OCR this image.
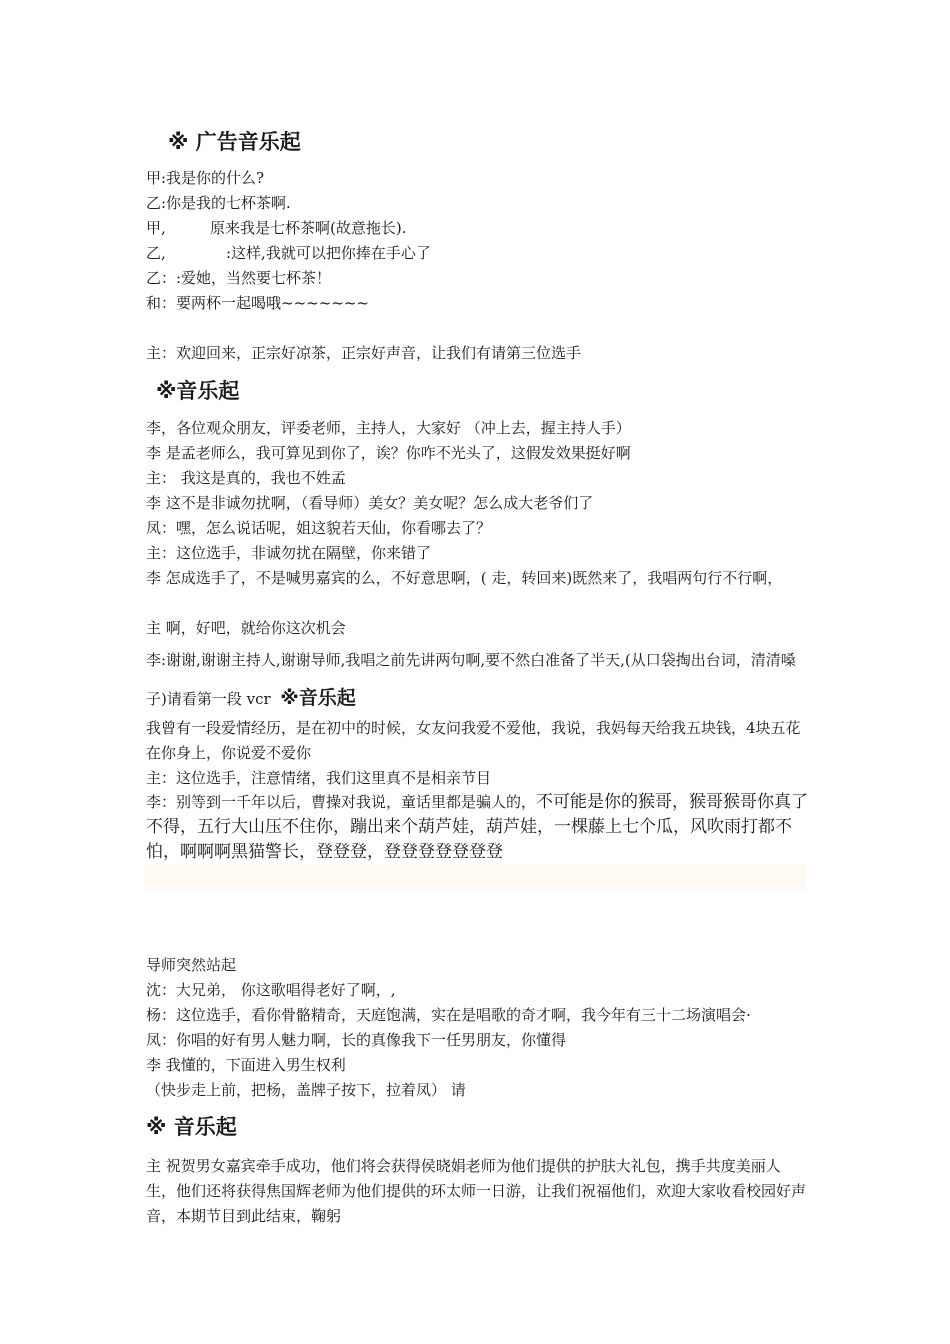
※ 广告音乐起
甲:我是你的什么?
乙:你是我的七杯茶啊.
甲,	原来我是七杯茶啊(故意拖长).
乙,	:这样,我就可以把你捧在手心了
乙：:爱她，当然要七杯茶！
和：要两杯一起喝哦~~~~~~~
主：欢迎回来，正宗好凉茶，正宗好声音，让我们有请第三位选手
※音乐起
李，各位观众朋友，评委老师，主持人，大家好 （冲上去，握主持人手）
李 是孟老师么，我可算见到你了，诶？你咋不光头了，这假发效果挺好啊
主： 我这是真的，我也不姓孟
李 这不是非诚勿扰啊，（看导师）美女？美女呢？怎么成大老爷们了
凤：嘿，怎么说话呢，姐这貌若天仙，你看哪去了？
主：这位选手，非诚勿扰在隔壁，你来错了
李 怎成选手了，不是喊男嘉宾的么，不好意思啊，( 走，转回来)既然来了，我唱两句行不行啊，
主 啊，好吧，就给你这次机会
李:谢谢,谢谢主持人,谢谢导师,我唱之前先讲两句啊,要不然白准备了半天,(从口袋掏出台词，清清嗓子)请看第一段 vcr ※音乐起
我曾有一段爱情经历，是在初中的时候，女友问我爱不爱他，我说，我妈每天给我五块钱，4块五花在你身上，你说爱不爱你
主：这位选手，注意情绪，我们这里真不是相亲节目
李：别等到一千年以后，曹操对我说，童话里都是骗人的，不可能是你的猴哥，猴哥猴哥你真了不得，五行大山压不住你，蹦出来个葫芦娃，葫芦娃，一棵藤上七个瓜，风吹雨打都不怕，啊啊啊黑猫警长，登登登，登登登登登登登
导师突然站起
沈：大兄弟， 你这歌唱得老好了啊，,
杨：这位选手，看你骨骼精奇，天庭饱满，实在是唱歌的奇才啊，我今年有三十二场演唱会·
凤：你唱的好有男人魅力啊，长的真像我下一任男朋友，你懂得
李 我懂的，下面进入男生权利
（快步走上前，把杨，盖牌子按下，拉着凤） 请
※ 音乐起
主 祝贺男女嘉宾牵手成功，他们将会获得侯晓娟老师为他们提供的护肤大礼包，携手共度美丽人生，他们还将获得焦国辉老师为他们提供的环太师一日游，让我们祝福他们，欢迎大家收看校园好声音，本期节目到此结束，鞠躬
